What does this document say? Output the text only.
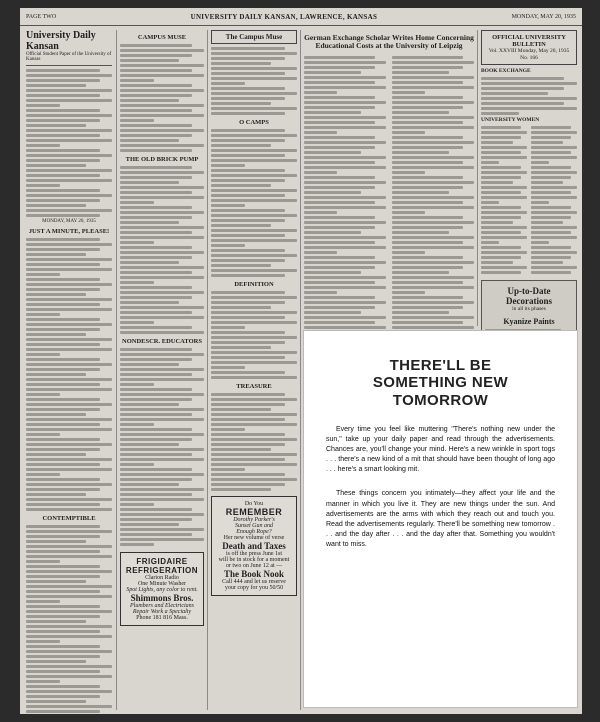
PAGE TWO	UNIVERSITY DAILY KANSAN, LAWRENCE, KANSAS	MONDAY, MAY 20, 1935
University Daily Kansan
Official Student Paper of the University of Kansas
MONDAY, MAY 20, 1935
JUST A MINUTE, PLEASE!
CONTEMPTIBLE
CAMPUS MUSE
THE OLD BRICK PUMP
NONDESCR. EDUCATORS
FRIGIDAIRE REFRIGERATION
Clarion Radio
One Minute Washer
Spot Lights, any color to rent.
Shimmons Bros.
Plumbers and Electricians
Repair Work a Specialty
Phone 181 816 Mass.
The Campus Muse
O CAMPS
DEFINITION
TREASURE
Do You
REMEMBER
Dorothy Parker's
Sunset Gun and
Enough Rope?
Her new volume of verse
Death and Taxes
is off the press June 1st
will be in stock for a moment
or two on June 12 at —
The Book Nook
Call 444 and let us reserve
your copy for you 50/50
German Exchange Scholar Writes Home Concerning Educational Costs at the University of Leipzig
OFFICIAL UNIVERSITY BULLETIN
Vol. XXVIII Monday, May 20, 1935 No. 166
BOOK EXCHANGE
UNIVERSITY WOMEN
Up-to-Date Decorations
in all its phases
Kyanize Paints
THERE'LL BE
SOMETHING NEW
TOMORROW

Every time you feel like muttering "There's nothing new under the sun," take up your daily paper and read through the advertisements. Chances are, you'll change your mind. Here's a new wrinkle in sport togs . . . there's a new kind of a mit that should have been thought of long ago . . . here's a smart looking mit.

These things concern you intimately—they affect your life and the manner in which you live it. They are new things under the sun. And advertisements are the arms with which they reach out and touch you. Read the advertisements regularly. There'll be something new tomorrow . . . and the day after . . . and the day after that. Something you wouldn't want to miss.
